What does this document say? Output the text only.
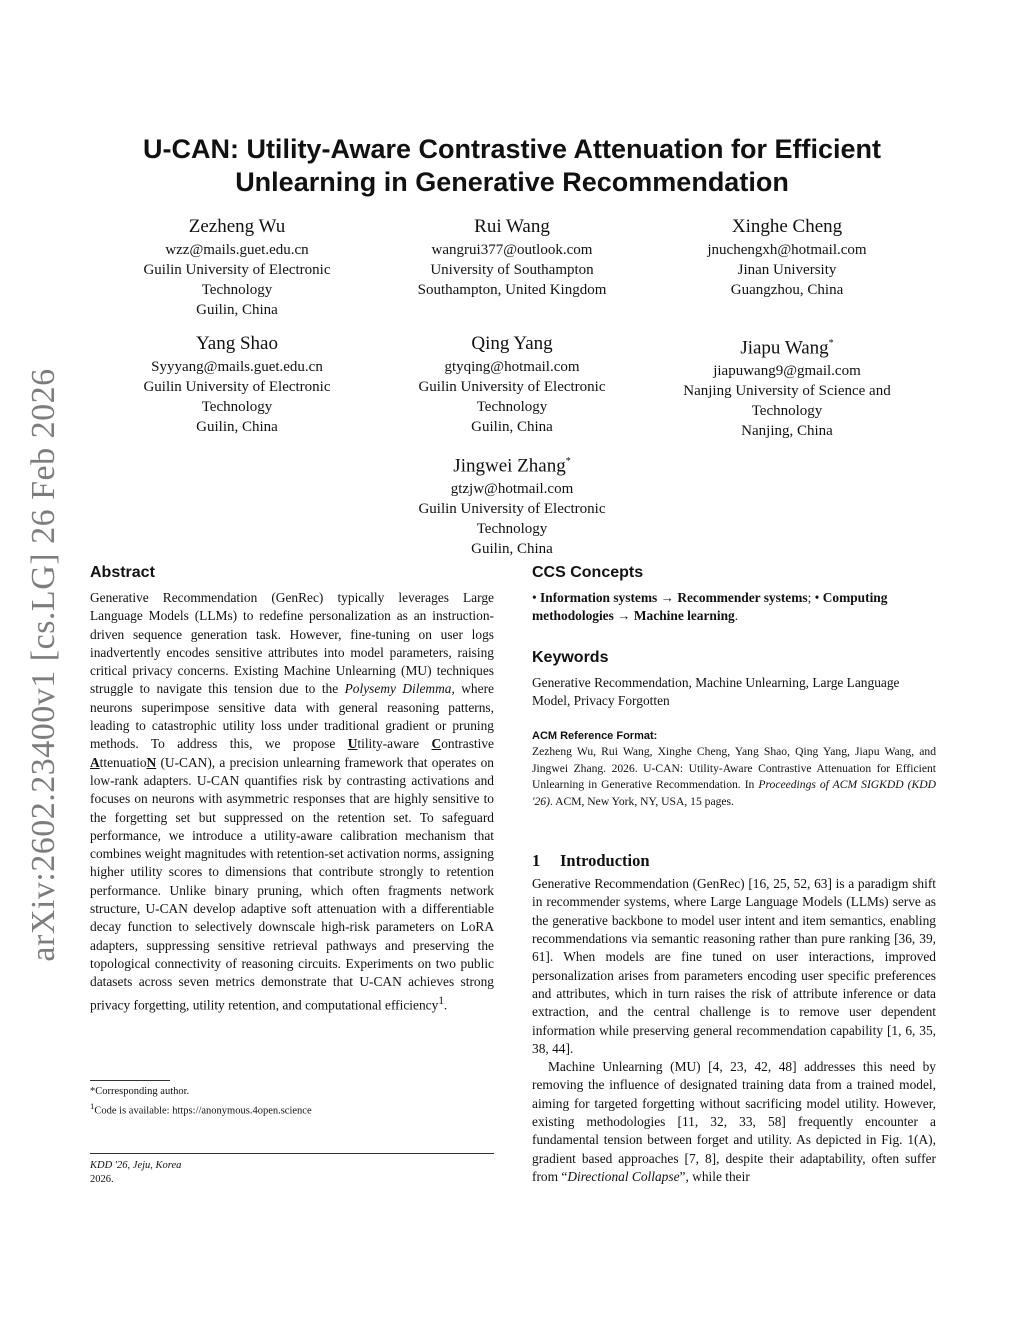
arXiv:2602.23400v1 [cs.LG] 26 Feb 2026
U-CAN: Utility-Aware Contrastive Attenuation for Efficient Unlearning in Generative Recommendation
Zezheng Wu
wzz@mails.guet.edu.cn
Guilin University of Electronic Technology
Guilin, China
Rui Wang
wangrui377@outlook.com
University of Southampton
Southampton, United Kingdom
Xinghe Cheng
jnuchengxh@hotmail.com
Jinan University
Guangzhou, China
Yang Shao
Syyyang@mails.guet.edu.cn
Guilin University of Electronic Technology
Guilin, China
Qing Yang
gtyqing@hotmail.com
Guilin University of Electronic Technology
Guilin, China
Jiapu Wang*
jiapuwang9@gmail.com
Nanjing University of Science and Technology
Nanjing, China
Jingwei Zhang*
gtzjw@hotmail.com
Guilin University of Electronic Technology
Guilin, China
Abstract

Generative Recommendation (GenRec) typically leverages Large Language Models (LLMs) to redefine personalization as an instruction-driven sequence generation task. However, fine-tuning on user logs inadvertently encodes sensitive attributes into model parameters, raising critical privacy concerns. Existing Machine Unlearning (MU) techniques struggle to navigate this tension due to the Polysemy Dilemma, where neurons superimpose sensitive data with general reasoning patterns, leading to catastrophic utility loss under traditional gradient or pruning methods. To address this, we propose Utility-aware Contrastive AttenuatioN (U-CAN), a precision unlearning framework that operates on low-rank adapters. U-CAN quantifies risk by contrasting activations and focuses on neurons with asymmetric responses that are highly sensitive to the forgetting set but suppressed on the retention set. To safeguard performance, we introduce a utility-aware calibration mechanism that combines weight magnitudes with retention-set activation norms, assigning higher utility scores to dimensions that contribute strongly to retention performance. Unlike binary pruning, which often fragments network structure, U-CAN develop adaptive soft attenuation with a differentiable decay function to selectively downscale high-risk parameters on LoRA adapters, suppressing sensitive retrieval pathways and preserving the topological connectivity of reasoning circuits. Experiments on two public datasets across seven metrics demonstrate that U-CAN achieves strong privacy forgetting, utility retention, and computational efficiency$^1$.

*Corresponding author.
$^1$Code is available: https://anonymous.4open.science
KDD '26, Jeju, Korea
2026.
CCS Concepts

• Information systems → Recommender systems; • Computing methodologies → Machine learning.

Keywords

Generative Recommendation, Machine Unlearning, Large Language Model, Privacy Forgotten

ACM Reference Format:

Zezheng Wu, Rui Wang, Xinghe Cheng, Yang Shao, Qing Yang, Jiapu Wang, and Jingwei Zhang. 2026. U-CAN: Utility-Aware Contrastive Attenuation for Efficient Unlearning in Generative Recommendation. In Proceedings of ACM SIGKDD (KDD '26). ACM, New York, NY, USA, 15 pages.

1 Introduction

Generative Recommendation (GenRec) [16, 25, 52, 63] is a paradigm shift in recommender systems, where Large Language Models (LLMs) serve as the generative backbone to model user intent and item semantics, enabling recommendations via semantic reasoning rather than pure ranking [36, 39, 61]. When models are fine tuned on user interactions, improved personalization arises from parameters encoding user specific preferences and attributes, which in turn raises the risk of attribute inference or data extraction, and the central challenge is to remove user dependent information while preserving general recommendation capability [1, 6, 35, 38, 44].

Machine Unlearning (MU) [4, 23, 42, 48] addresses this need by removing the influence of designated training data from a trained model, aiming for targeted forgetting without sacrificing model utility. However, existing methodologies [11, 32, 33, 58] frequently encounter a fundamental tension between forget and utility. As depicted in Fig. 1(A), gradient based approaches [7, 8], despite their adaptability, often suffer from “Directional Collapse”, while their
